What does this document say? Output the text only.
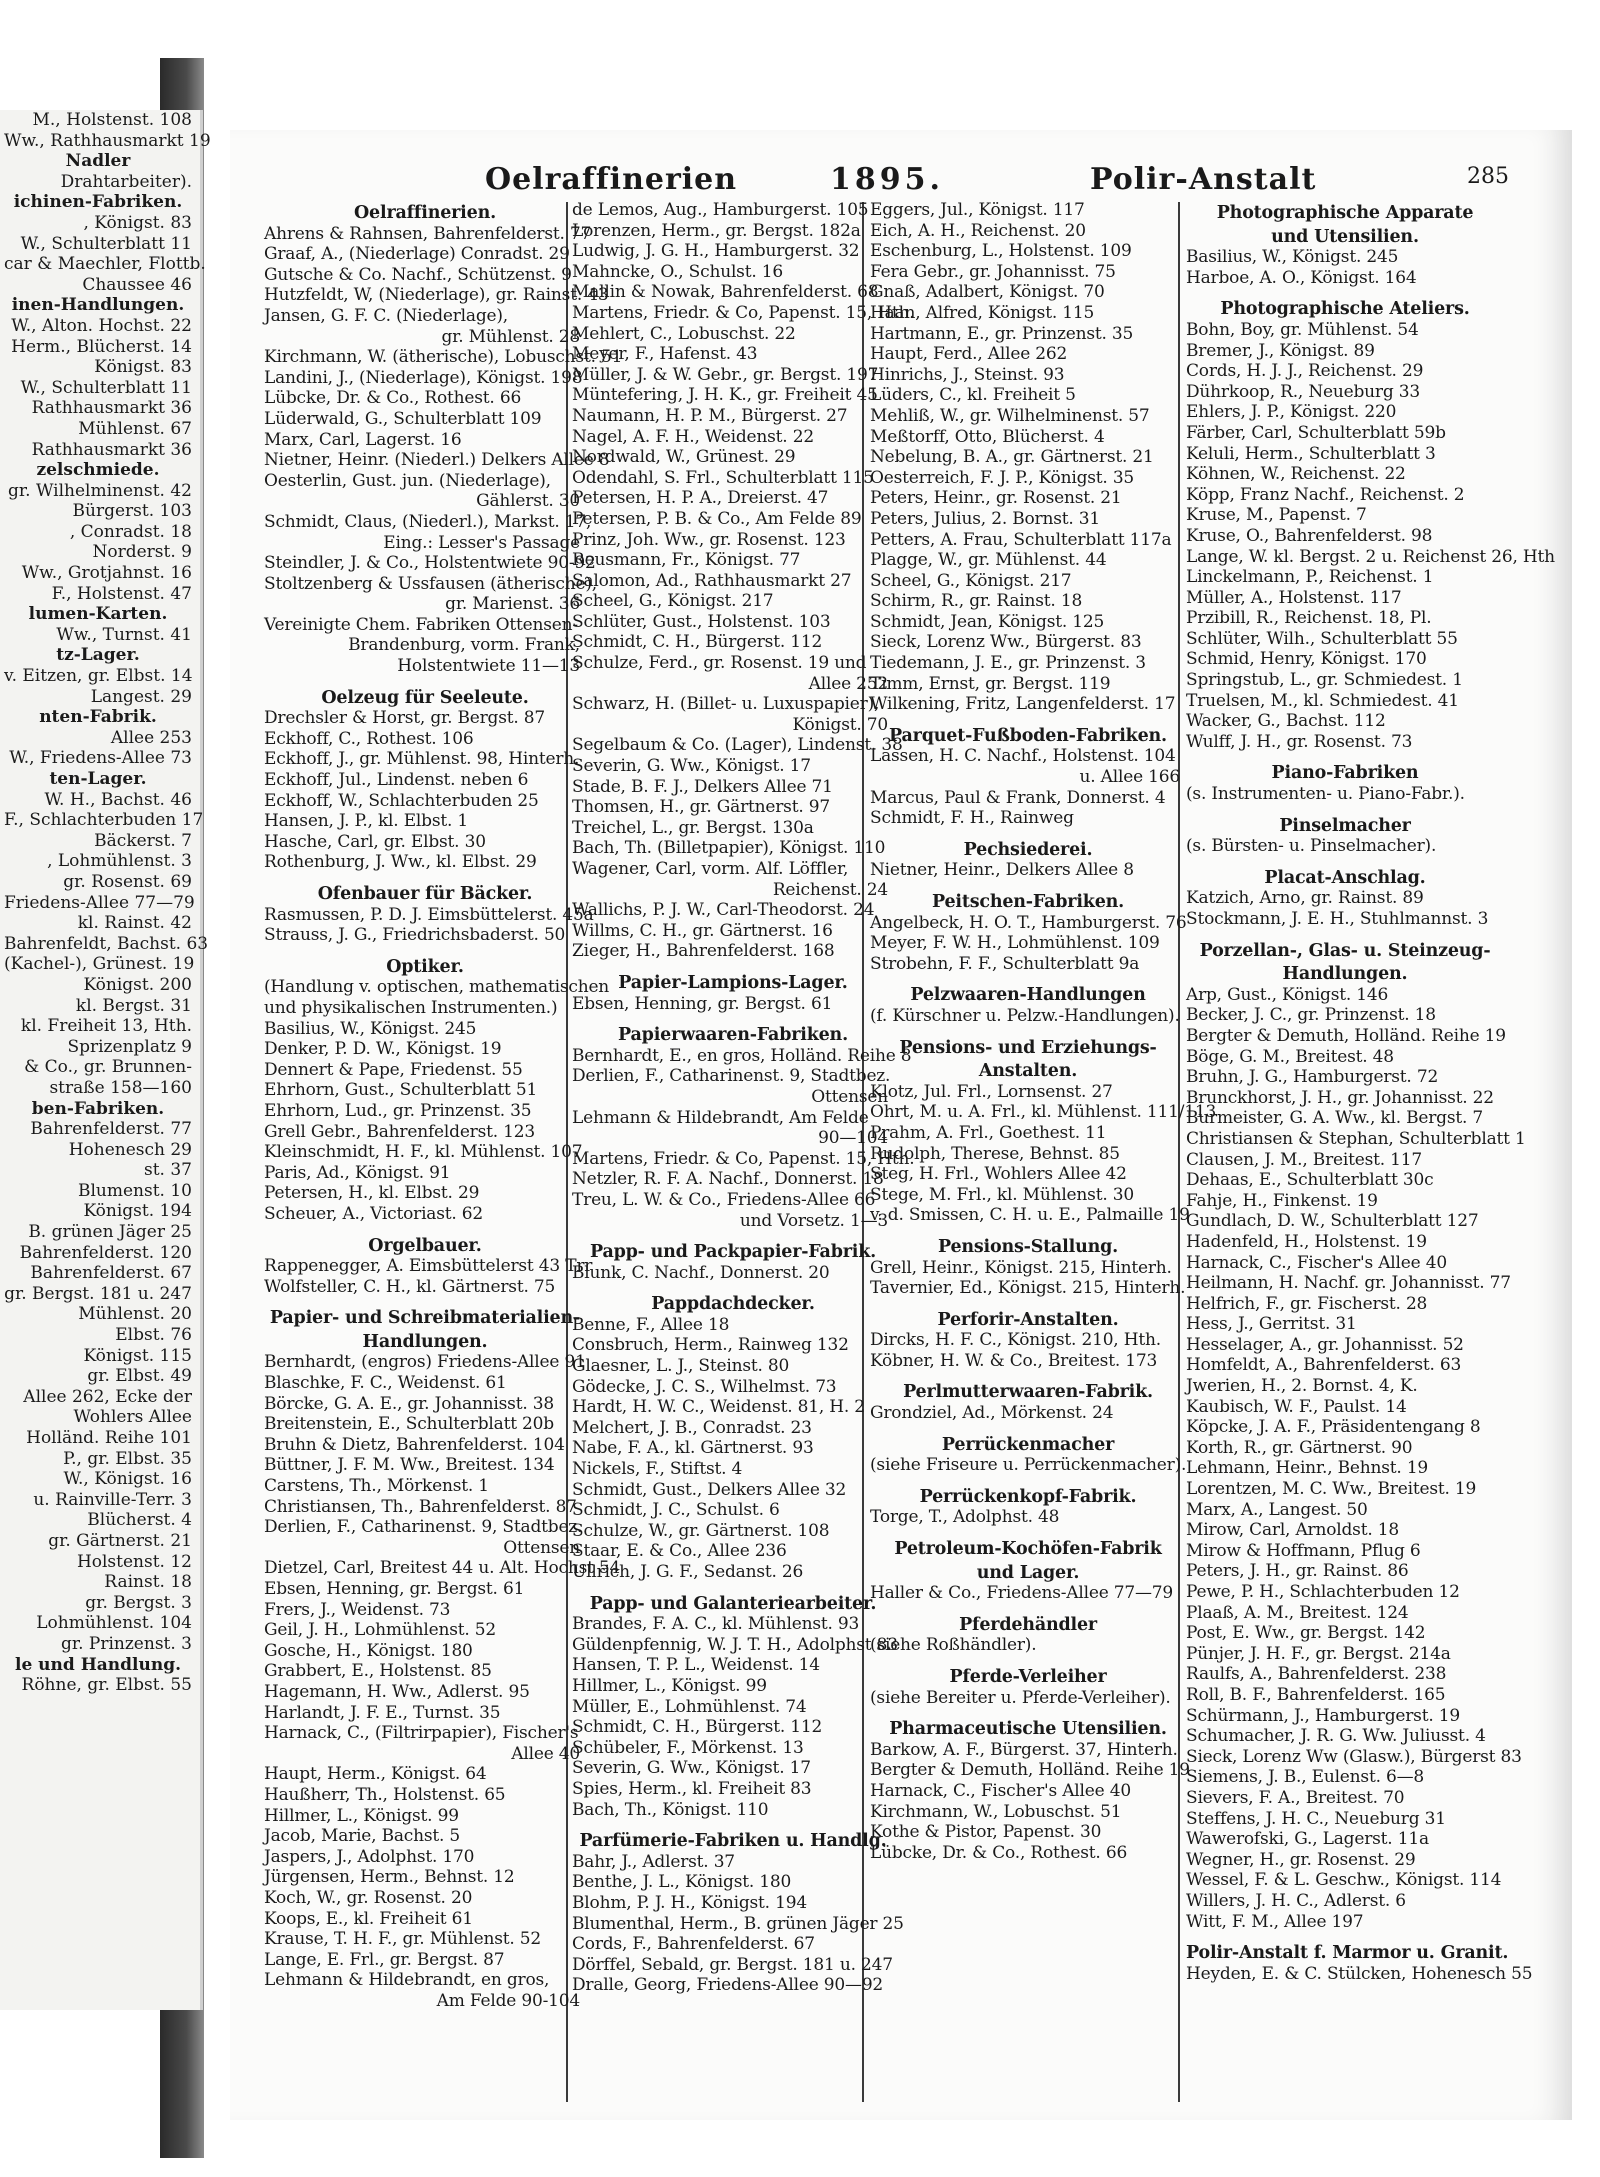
M., Holstenst. 108
Ww., Rathhausmarkt 19
Nadler
Drahtarbeiter).
ichinen-Fabriken.
, Königst. 83
W., Schulterblatt 11
car & Maechler, Flottb.
Chaussee 46
inen-Handlungen.
W., Alton. Hochst. 22
Herm., Blücherst. 14
Königst. 83
W., Schulterblatt 11
Rathhausmarkt 36
Mühlenst. 67
Rathhausmarkt 36
zelschmiede.
gr. Wilhelminenst. 42
Bürgerst. 103
, Conradst. 18
Norderst. 9
Ww., Grotjahnst. 16
F., Holstenst. 47
lumen-Karten.
Ww., Turnst. 41
tz-Lager.
v. Eitzen, gr. Elbst. 14
Langest. 29
nten-Fabrik.
Allee 253
W., Friedens-Allee 73
ten-Lager.
W. H., Bachst. 46
F., Schlachterbuden 17
Bäckerst. 7
, Lohmühlenst. 3
gr. Rosenst. 69
Friedens-Allee 77—79
kl. Rainst. 42
Bahrenfeldt, Bachst. 63
(Kachel-), Grünest. 19
Königst. 200
kl. Bergst. 31
kl. Freiheit 13, Hth.
Sprizenplatz 9
& Co., gr. Brunnen-
straße 158—160
ben-Fabriken.
Bahrenfelderst. 77
Hohenesch 29
st. 37
Blumenst. 10
Königst. 194
B. grünen Jäger 25
Bahrenfelderst. 120
Bahrenfelderst. 67
gr. Bergst. 181 u. 247
Mühlenst. 20
Elbst. 76
Königst. 115
gr. Elbst. 49
Allee 262, Ecke der
Wohlers Allee
Holländ. Reihe 101
P., gr. Elbst. 35
W., Königst. 16
u. Rainville-Terr. 3
Blücherst. 4
gr. Gärtnerst. 21
Holstenst. 12
Rainst. 18
gr. Bergst. 3
Lohmühlenst. 104
gr. Prinzenst. 3
le und Handlung.
Röhne, gr. Elbst. 55
Oelraffinerien	1895.	Polir-Anstalt	285
Oelraffinerien.
Ahrens & Rahnsen, Bahrenfelderst. 77
Graaf, A., (Niederlage) Conradst. 29
Gutsche & Co. Nachf., Schützenst. 9
Hutzfeldt, W, (Niederlage), gr. Rainst. 43
Jansen, G. F. C. (Niederlage),
gr. Mühlenst. 28
Kirchmann, W. (ätherische), Lobuschst. 51
Landini, J., (Niederlage), Königst. 198
Lübcke, Dr. & Co., Rothest. 66
Lüderwald, G., Schulterblatt 109
Marx, Carl, Lagerst. 16
Nietner, Heinr. (Niederl.) Delkers Allee 8
Oesterlin, Gust. jun. (Niederlage),
Gählerst. 30
Schmidt, Claus, (Niederl.), Markst. 17,
Eing.: Lesser's Passage
Steindler, J. & Co., Holstentwiete 90-92
Stoltzenberg & Ussfausen (ätherische),
gr. Marienst. 36
Vereinigte Chem. Fabriken Ottensen-
Brandenburg, vorm. Frank,
Holstentwiete 11—13
Oelzeug für Seeleute.
Drechsler & Horst, gr. Bergst. 87
Eckhoff, C., Rothest. 106
Eckhoff, J., gr. Mühlenst. 98, Hinterh.
Eckhoff, Jul., Lindenst. neben 6
Eckhoff, W., Schlachterbuden 25
Hansen, J. P., kl. Elbst. 1
Hasche, Carl, gr. Elbst. 30
Rothenburg, J. Ww., kl. Elbst. 29
Ofenbauer für Bäcker.
Rasmussen, P. D. J. Eimsbüttelerst. 45a
Strauss, J. G., Friedrichsbaderst. 50
Optiker.
(Handlung v. optischen, mathematischen
und physikalischen Instrumenten.)
Basilius, W., Königst. 245
Denker, P. D. W., Königst. 19
Dennert & Pape, Friedenst. 55
Ehrhorn, Gust., Schulterblatt 51
Ehrhorn, Lud., gr. Prinzenst. 35
Grell Gebr., Bahrenfelderst. 123
Kleinschmidt, H. F., kl. Mühlenst. 107
Paris, Ad., Königst. 91
Petersen, H., kl. Elbst. 29
Scheuer, A., Victoriast. 62
Orgelbauer.
Rappenegger, A. Eimsbüttelerst 43 Trr
Wolfsteller, C. H., kl. Gärtnerst. 75
Papier- und Schreibmaterialien-
Handlungen.
Bernhardt, (engros) Friedens-Allee 91
Blaschke, F. C., Weidenst. 61
Börcke, G. A. E., gr. Johannisst. 38
Breitenstein, E., Schulterblatt 20b
Bruhn & Dietz, Bahrenfelderst. 104
Büttner, J. F. M. Ww., Breitest. 134
Carstens, Th., Mörkenst. 1
Christiansen, Th., Bahrenfelderst. 87
Derlien, F., Catharinenst. 9, Stadtbez.
Ottensen
Dietzel, Carl, Breitest 44 u. Alt. Hochst 54
Ebsen, Henning, gr. Bergst. 61
Frers, J., Weidenst. 73
Geil, J. H., Lohmühlenst. 52
Gosche, H., Königst. 180
Grabbert, E., Holstenst. 85
Hagemann, H. Ww., Adlerst. 95
Harlandt, J. F. E., Turnst. 35
Harnack, C., (Filtrirpapier), Fischer's
Allee 40
Haupt, Herm., Königst. 64
Haußherr, Th., Holstenst. 65
Hillmer, L., Königst. 99
Jacob, Marie, Bachst. 5
Jaspers, J., Adolphst. 170
Jürgensen, Herm., Behnst. 12
Koch, W., gr. Rosenst. 20
Koops, E., kl. Freiheit 61
Krause, T. H. F., gr. Mühlenst. 52
Lange, E. Frl., gr. Bergst. 87
Lehmann & Hildebrandt, en gros,
Am Felde 90-104
de Lemos, Aug., Hamburgerst. 105
Lorenzen, Herm., gr. Bergst. 182a
Ludwig, J. G. H., Hamburgerst. 32
Mahncke, O., Schulst. 16
Mallin & Nowak, Bahrenfelderst. 68
Martens, Friedr. & Co, Papenst. 15, Hth.
Mehlert, C., Lobuschst. 22
Meyer, F., Hafenst. 43
Müller, J. & W. Gebr., gr. Bergst. 197
Müntefering, J. H. K., gr. Freiheit 45
Naumann, H. P. M., Bürgerst. 27
Nagel, A. F. H., Weidenst. 22
Nordwald, W., Grünest. 29
Odendahl, S. Frl., Schulterblatt 115
Petersen, H. P. A., Dreierst. 47
Petersen, P. B. & Co., Am Felde 89
Prinz, Joh. Ww., gr. Rosenst. 123
Reusmann, Fr., Königst. 77
Salomon, Ad., Rathhausmarkt 27
Scheel, G., Königst. 217
Schlüter, Gust., Holstenst. 103
Schmidt, C. H., Bürgerst. 112
Schulze, Ferd., gr. Rosenst. 19 und
Allee 252
Schwarz, H. (Billet- u. Luxuspapier),
Königst. 70
Segelbaum & Co. (Lager), Lindenst. 38
Severin, G. Ww., Königst. 17
Stade, B. F. J., Delkers Allee 71
Thomsen, H., gr. Gärtnerst. 97
Treichel, L., gr. Bergst. 130a
Bach, Th. (Billetpapier), Königst. 110
Wagener, Carl, vorm. Alf. Löffler,
Reichenst. 24
Wallichs, P. J. W., Carl-Theodorst. 24
Willms, C. H., gr. Gärtnerst. 16
Zieger, H., Bahrenfelderst. 168
Papier-Lampions-Lager.
Ebsen, Henning, gr. Bergst. 61
Papierwaaren-Fabriken.
Bernhardt, E., en gros, Holländ. Reihe 8
Derlien, F., Catharinenst. 9, Stadtbez.
Ottensen
Lehmann & Hildebrandt, Am Felde
90—104
Martens, Friedr. & Co, Papenst. 15, Hth.
Netzler, R. F. A. Nachf., Donnerst. 18
Treu, L. W. & Co., Friedens-Allee 66
und Vorsetz. 1—3
Papp- und Packpapier-Fabrik.
Blunk, C. Nachf., Donnerst. 20
Pappdachdecker.
Benne, F., Allee 18
Consbruch, Herm., Rainweg 132
Glaesner, L. J., Steinst. 80
Gödecke, J. C. S., Wilhelmst. 73
Hardt, H. W. C., Weidenst. 81, H. 2
Melchert, J. B., Conradst. 23
Nabe, F. A., kl. Gärtnerst. 93
Nickels, F., Stiftst. 4
Schmidt, Gust., Delkers Allee 32
Schmidt, J. C., Schulst. 6
Schulze, W., gr. Gärtnerst. 108
Staar, E. & Co., Allee 236
Ullrich, J. G. F., Sedanst. 26
Papp- und Galanteriearbeiter.
Brandes, F. A. C., kl. Mühlenst. 93
Güldenpfennig, W. J. T. H., Adolphst 83
Hansen, T. P. L., Weidenst. 14
Hillmer, L., Königst. 99
Müller, E., Lohmühlenst. 74
Schmidt, C. H., Bürgerst. 112
Schübeler, F., Mörkenst. 13
Severin, G. Ww., Königst. 17
Spies, Herm., kl. Freiheit 83
Bach, Th., Königst. 110
Parfümerie-Fabriken u. Handlg.
Bahr, J., Adlerst. 37
Benthe, J. L., Königst. 180
Blohm, P. J. H., Königst. 194
Blumenthal, Herm., B. grünen Jäger 25
Cords, F., Bahrenfelderst. 67
Dörffel, Sebald, gr. Bergst. 181 u. 247
Dralle, Georg, Friedens-Allee 90—92
Eggers, Jul., Königst. 117
Eich, A. H., Reichenst. 20
Eschenburg, L., Holstenst. 109
Fera Gebr., gr. Johannisst. 75
Gnaß, Adalbert, Königst. 70
Haan, Alfred, Königst. 115
Hartmann, E., gr. Prinzenst. 35
Haupt, Ferd., Allee 262
Hinrichs, J., Steinst. 93
Lüders, C., kl. Freiheit 5
Mehliß, W., gr. Wilhelminenst. 57
Meßtorff, Otto, Blücherst. 4
Nebelung, B. A., gr. Gärtnerst. 21
Oesterreich, F. J. P., Königst. 35
Peters, Heinr., gr. Rosenst. 21
Peters, Julius, 2. Bornst. 31
Petters, A. Frau, Schulterblatt 117a
Plagge, W., gr. Mühlenst. 44
Scheel, G., Königst. 217
Schirm, R., gr. Rainst. 18
Schmidt, Jean, Königst. 125
Sieck, Lorenz Ww., Bürgerst. 83
Tiedemann, J. E., gr. Prinzenst. 3
Timm, Ernst, gr. Bergst. 119
Wilkening, Fritz, Langenfelderst. 17
Parquet-Fußboden-Fabriken.
Lassen, H. C. Nachf., Holstenst. 104
u. Allee 166
Marcus, Paul & Frank, Donnerst. 4
Schmidt, F. H., Rainweg
Pechsiederei.
Nietner, Heinr., Delkers Allee 8
Peitschen-Fabriken.
Angelbeck, H. O. T., Hamburgerst. 76
Meyer, F. W. H., Lohmühlenst. 109
Strobehn, F. F., Schulterblatt 9a
Pelzwaaren-Handlungen
(f. Kürschner u. Pelzw.-Handlungen).
Pensions- und Erziehungs-
Anstalten.
Klotz, Jul. Frl., Lornsenst. 27
Ohrt, M. u. A. Frl., kl. Mühlenst. 111/113
Prahm, A. Frl., Goethest. 11
Rudolph, Therese, Behnst. 85
Steg, H. Frl., Wohlers Allee 42
Stege, M. Frl., kl. Mühlenst. 30
v. d. Smissen, C. H. u. E., Palmaille 19
Pensions-Stallung.
Grell, Heinr., Königst. 215, Hinterh.
Tavernier, Ed., Königst. 215, Hinterh.
Perforir-Anstalten.
Dircks, H. F. C., Königst. 210, Hth.
Köbner, H. W. & Co., Breitest. 173
Perlmutterwaaren-Fabrik.
Grondziel, Ad., Mörkenst. 24
Perrückenmacher
(siehe Friseure u. Perrückenmacher).
Perrückenkopf-Fabrik.
Torge, T., Adolphst. 48
Petroleum-Kochöfen-Fabrik
und Lager.
Haller & Co., Friedens-Allee 77—79
Pferdehändler
(siehe Roßhändler).
Pferde-Verleiher
(siehe Bereiter u. Pferde-Verleiher).
Pharmaceutische Utensilien.
Barkow, A. F., Bürgerst. 37, Hinterh.
Bergter & Demuth, Holländ. Reihe 19
Harnack, C., Fischer's Allee 40
Kirchmann, W., Lobuschst. 51
Kothe & Pistor, Papenst. 30
Lübcke, Dr. & Co., Rothest. 66
Photographische Apparate
und Utensilien.
Basilius, W., Königst. 245
Harboe, A. O., Königst. 164
Photographische Ateliers.
Bohn, Boy, gr. Mühlenst. 54
Bremer, J., Königst. 89
Cords, H. J. J., Reichenst. 29
Dührkoop, R., Neueburg 33
Ehlers, J. P., Königst. 220
Färber, Carl, Schulterblatt 59b
Keluli, Herm., Schulterblatt 3
Köhnen, W., Reichenst. 22
Köpp, Franz Nachf., Reichenst. 2
Kruse, M., Papenst. 7
Kruse, O., Bahrenfelderst. 98
Lange, W. kl. Bergst. 2 u. Reichenst 26, Hth
Linckelmann, P., Reichenst. 1
Müller, A., Holstenst. 117
Przibill, R., Reichenst. 18, Pl.
Schlüter, Wilh., Schulterblatt 55
Schmid, Henry, Königst. 170
Springstub, L., gr. Schmiedest. 1
Truelsen, M., kl. Schmiedest. 41
Wacker, G., Bachst. 112
Wulff, J. H., gr. Rosenst. 73
Piano-Fabriken
(s. Instrumenten- u. Piano-Fabr.).
Pinselmacher
(s. Bürsten- u. Pinselmacher).
Placat-Anschlag.
Katzich, Arno, gr. Rainst. 89
Stockmann, J. E. H., Stuhlmannst. 3
Porzellan-, Glas- u. Steinzeug-
Handlungen.
Arp, Gust., Königst. 146
Becker, J. C., gr. Prinzenst. 18
Bergter & Demuth, Holländ. Reihe 19
Böge, G. M., Breitest. 48
Bruhn, J. G., Hamburgerst. 72
Brunckhorst, J. H., gr. Johannisst. 22
Burmeister, G. A. Ww., kl. Bergst. 7
Christiansen & Stephan, Schulterblatt 1
Clausen, J. M., Breitest. 117
Dehaas, E., Schulterblatt 30c
Fahje, H., Finkenst. 19
Gundlach, D. W., Schulterblatt 127
Hadenfeld, H., Holstenst. 19
Harnack, C., Fischer's Allee 40
Heilmann, H. Nachf. gr. Johannisst. 77
Helfrich, F., gr. Fischerst. 28
Hess, J., Gerritst. 31
Hesselager, A., gr. Johannisst. 52
Homfeldt, A., Bahrenfelderst. 63
Jwerien, H., 2. Bornst. 4, K.
Kaubisch, W. F., Paulst. 14
Köpcke, J. A. F., Präsidentengang 8
Korth, R., gr. Gärtnerst. 90
Lehmann, Heinr., Behnst. 19
Lorentzen, M. C. Ww., Breitest. 19
Marx, A., Langest. 50
Mirow, Carl, Arnoldst. 18
Mirow & Hoffmann, Pflug 6
Peters, J. H., gr. Rainst. 86
Pewe, P. H., Schlachterbuden 12
Plaaß, A. M., Breitest. 124
Post, E. Ww., gr. Bergst. 142
Pünjer, J. H. F., gr. Bergst. 214a
Raulfs, A., Bahrenfelderst. 238
Roll, B. F., Bahrenfelderst. 165
Schürmann, J., Hamburgerst. 19
Schumacher, J. R. G. Ww. Juliusst. 4
Sieck, Lorenz Ww (Glasw.), Bürgerst 83
Siemens, J. B., Eulenst. 6—8
Sievers, F. A., Breitest. 70
Steffens, J. H. C., Neueburg 31
Wawerofski, G., Lagerst. 11a
Wegner, H., gr. Rosenst. 29
Wessel, F. & L. Geschw., Königst. 114
Willers, J. H. C., Adlerst. 6
Witt, F. M., Allee 197
Polir-Anstalt f. Marmor u. Granit.
Heyden, E. & C. Stülcken, Hohenesch 55
